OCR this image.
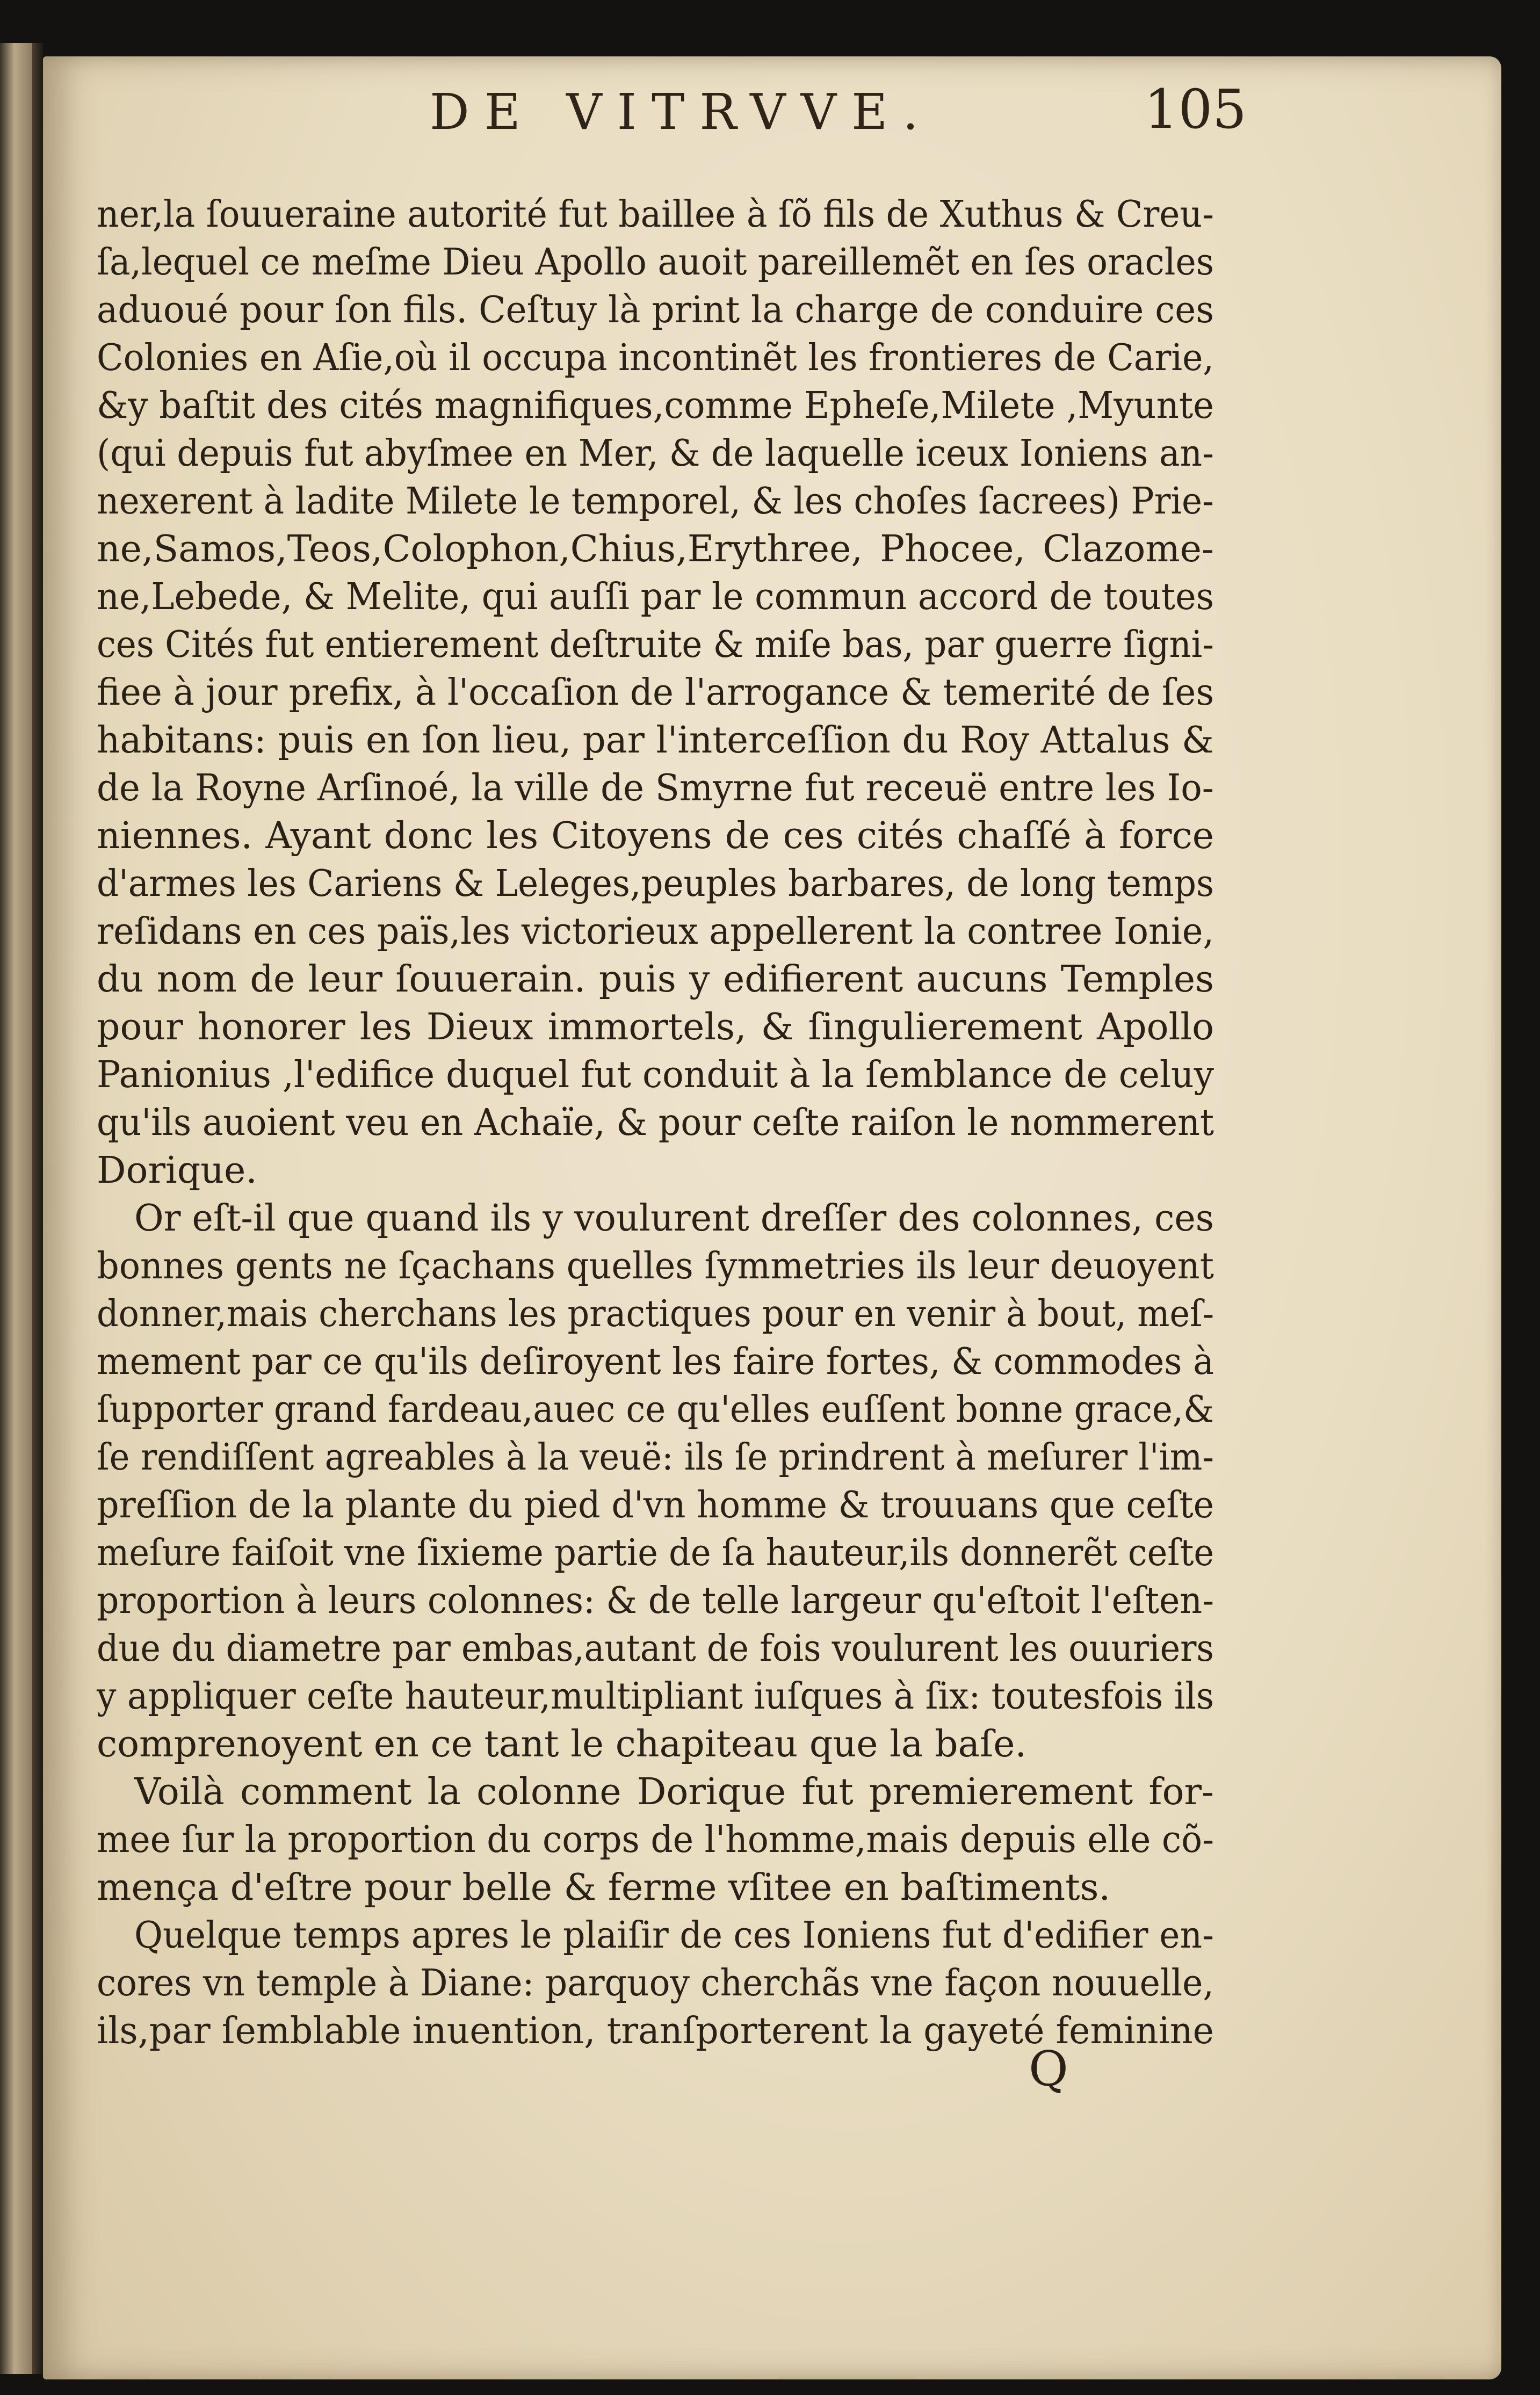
DE VITRVVE.	105
ner,la ſouueraine autorité fut baillee à ſõ fils de Xuthus & Creu-
ſa,lequel ce meſme Dieu Apollo auoit pareillemẽt en ſes oracles
aduoué pour ſon fils. Ceſtuy là print la charge de conduire ces
Colonies en Aſie,où il occupa incontinẽt les frontieres de Carie,
&y baſtit des cités magnifiques,comme Epheſe,Milete ,Myunte
(qui depuis fut abyſmee en Mer, & de laquelle iceux Ioniens an-
nexerent à ladite Milete le temporel, & les choſes ſacrees) Prie-
ne,Samos,Teos,Colophon,Chius,Erythree, Phocee, Clazome-
ne,Lebede, & Melite, qui auſſi par le commun accord de toutes
ces Cités fut entierement deſtruite & miſe bas, par guerre ſigni-
fiee à jour prefix, à l'occaſion de l'arrogance & temerité de ſes
habitans: puis en ſon lieu, par l'interceſſion du Roy Attalus &
de la Royne Arſinoé, la ville de Smyrne fut receuë entre les Io-
niennes. Ayant donc les Citoyens de ces cités chaſſé à force
d'armes les Cariens & Leleges,peuples barbares, de long temps
reſidans en ces païs,les victorieux appellerent la contree Ionie,
du nom de leur ſouuerain. puis y edifierent aucuns Temples
pour honorer les Dieux immortels, & ſingulierement Apollo
Panionius ,l'edifice duquel fut conduit à la ſemblance de celuy
qu'ils auoient veu en Achaïe, & pour ceſte raiſon le nommerent
Dorique.
Or eſt-il que quand ils y voulurent dreſſer des colonnes, ces
bonnes gents ne ſçachans quelles ſymmetries ils leur deuoyent
donner,mais cherchans les practiques pour en venir à bout, meſ-
mement par ce qu'ils deſiroyent les faire fortes, & commodes à
ſupporter grand fardeau,auec ce qu'elles euſſent bonne grace,&
ſe rendiſſent agreables à la veuë: ils ſe prindrent à meſurer l'im-
preſſion de la plante du pied d'vn homme & trouuans que ceſte
meſure faiſoit vne ſixieme partie de ſa hauteur,ils donnerẽt ceſte
proportion à leurs colonnes: & de telle largeur qu'eſtoit l'eſten-
due du diametre par embas,autant de fois voulurent les ouuriers
y appliquer ceſte hauteur,multipliant iuſques à ſix: toutesfois ils
comprenoyent en ce tant le chapiteau que la baſe.
Voilà comment la colonne Dorique fut premierement for-
mee ſur la proportion du corps de l'homme,mais depuis elle cõ-
mença d'eſtre pour belle & ferme vſitee en baſtiments.
Quelque temps apres le plaiſir de ces Ioniens fut d'edifier en-
cores vn temple à Diane: parquoy cherchãs vne façon nouuelle,
ils,par ſemblable inuention, tranſporterent la gayeté feminine
Q
